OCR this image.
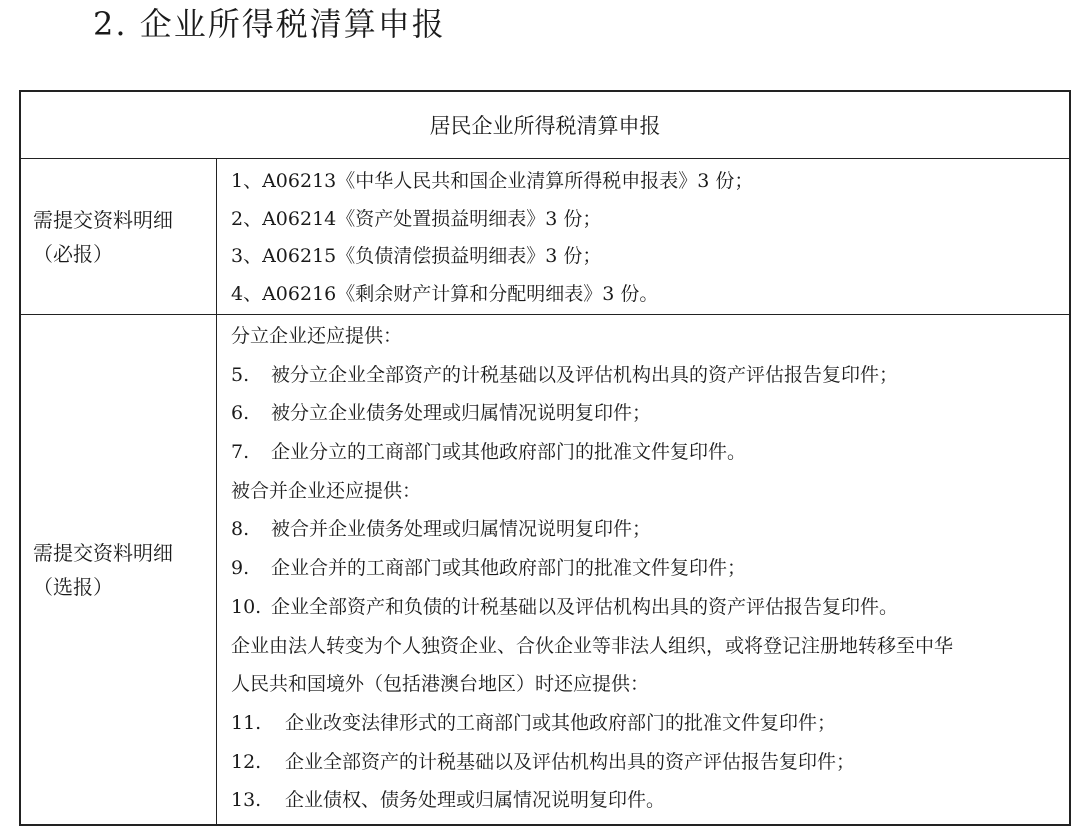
2. 企业所得税清算申报
居民企业所得税清算申报
需提交资料明细
（必报）
1、A06213《中华人民共和国企业清算所得税申报表》3 份；
2、A06214《资产处置损益明细表》3 份；
3、A06215《负债清偿损益明细表》3 份；
4、A06216《剩余财产计算和分配明细表》3 份。
需提交资料明细
（选报）
分立企业还应提供：
5. 被分立企业全部资产的计税基础以及评估机构出具的资产评估报告复印件；
6. 被分立企业债务处理或归属情况说明复印件；
7. 企业分立的工商部门或其他政府部门的批准文件复印件。
被合并企业还应提供：
8. 被合并企业债务处理或归属情况说明复印件；
9. 企业合并的工商部门或其他政府部门的批准文件复印件；
10. 企业全部资产和负债的计税基础以及评估机构出具的资产评估报告复印件。
企业由法人转变为个人独资企业、合伙企业等非法人组织，或将登记注册地转移至中华
人民共和国境外（包括港澳台地区）时还应提供：
11. 企业改变法律形式的工商部门或其他政府部门的批准文件复印件；
12. 企业全部资产的计税基础以及评估机构出具的资产评估报告复印件；
13. 企业债权、债务处理或归属情况说明复印件。
